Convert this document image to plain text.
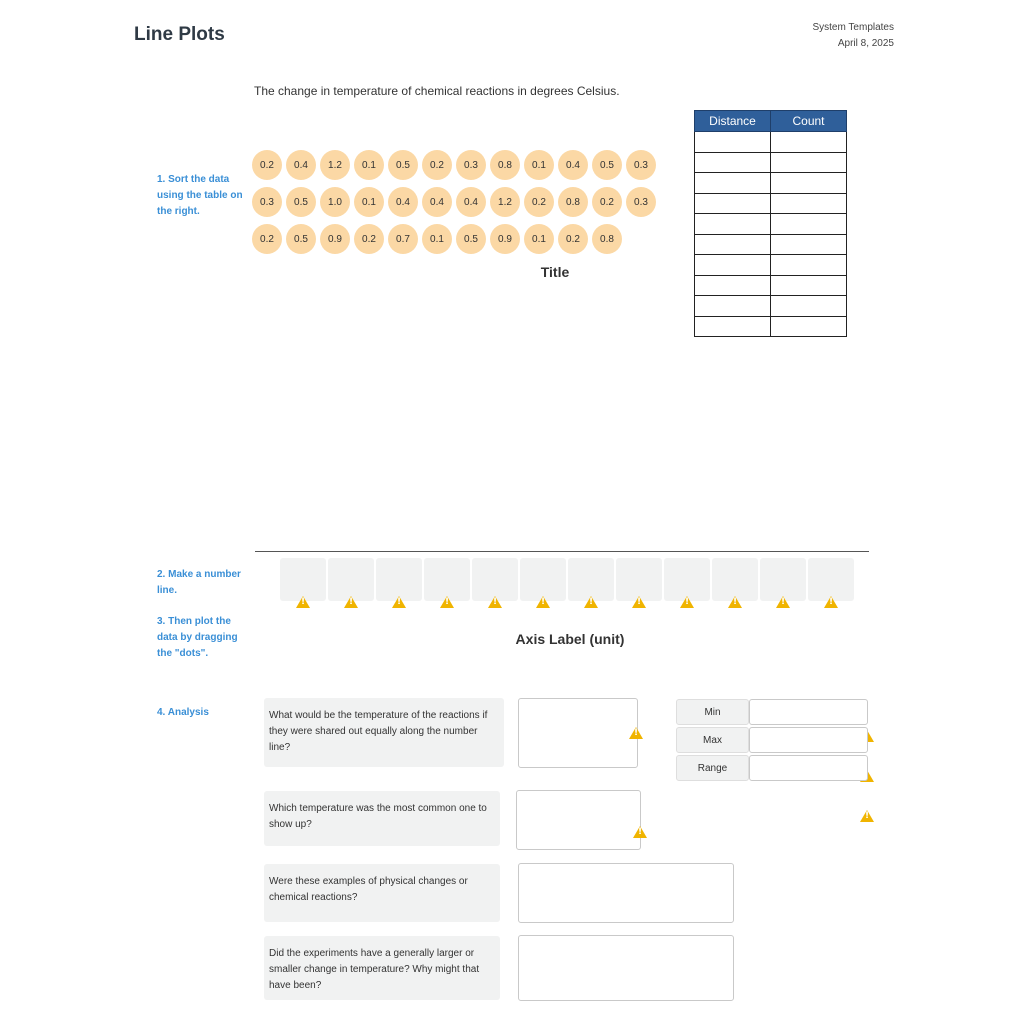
Line Plots	System Templates
April 8, 2025
The change in temperature of chemical reactions in degrees Celsius.
1. Sort the data using the table on the right.
0.2	0.4	1.2	0.1	0.5	0.2	0.3	0.8	0.1	0.4	0.5	0.3
0.3	0.5	1.0	0.1	0.4	0.4	0.4	1.2	0.2	0.8	0.2	0.3
0.2	0.5	0.9	0.2	0.7	0.1	0.5	0.9	0.1	0.2	0.8
Title
Distance	Count

!
!
!
!
!
!
!
!
!
!
!
!
2. Make a number line.
3. Then plot the data by dragging the "dots".
Axis Label (unit)
4. Analysis	What would be the temperature of the reactions if they were shared out equally along the number line?
!
Which temperature was the most common one to show up?
!
Were these examples of physical changes or chemical reactions?
Did the experiments have a generally larger or smaller change in temperature? Why might that have been?
Min
!
Max
!
Range
!
